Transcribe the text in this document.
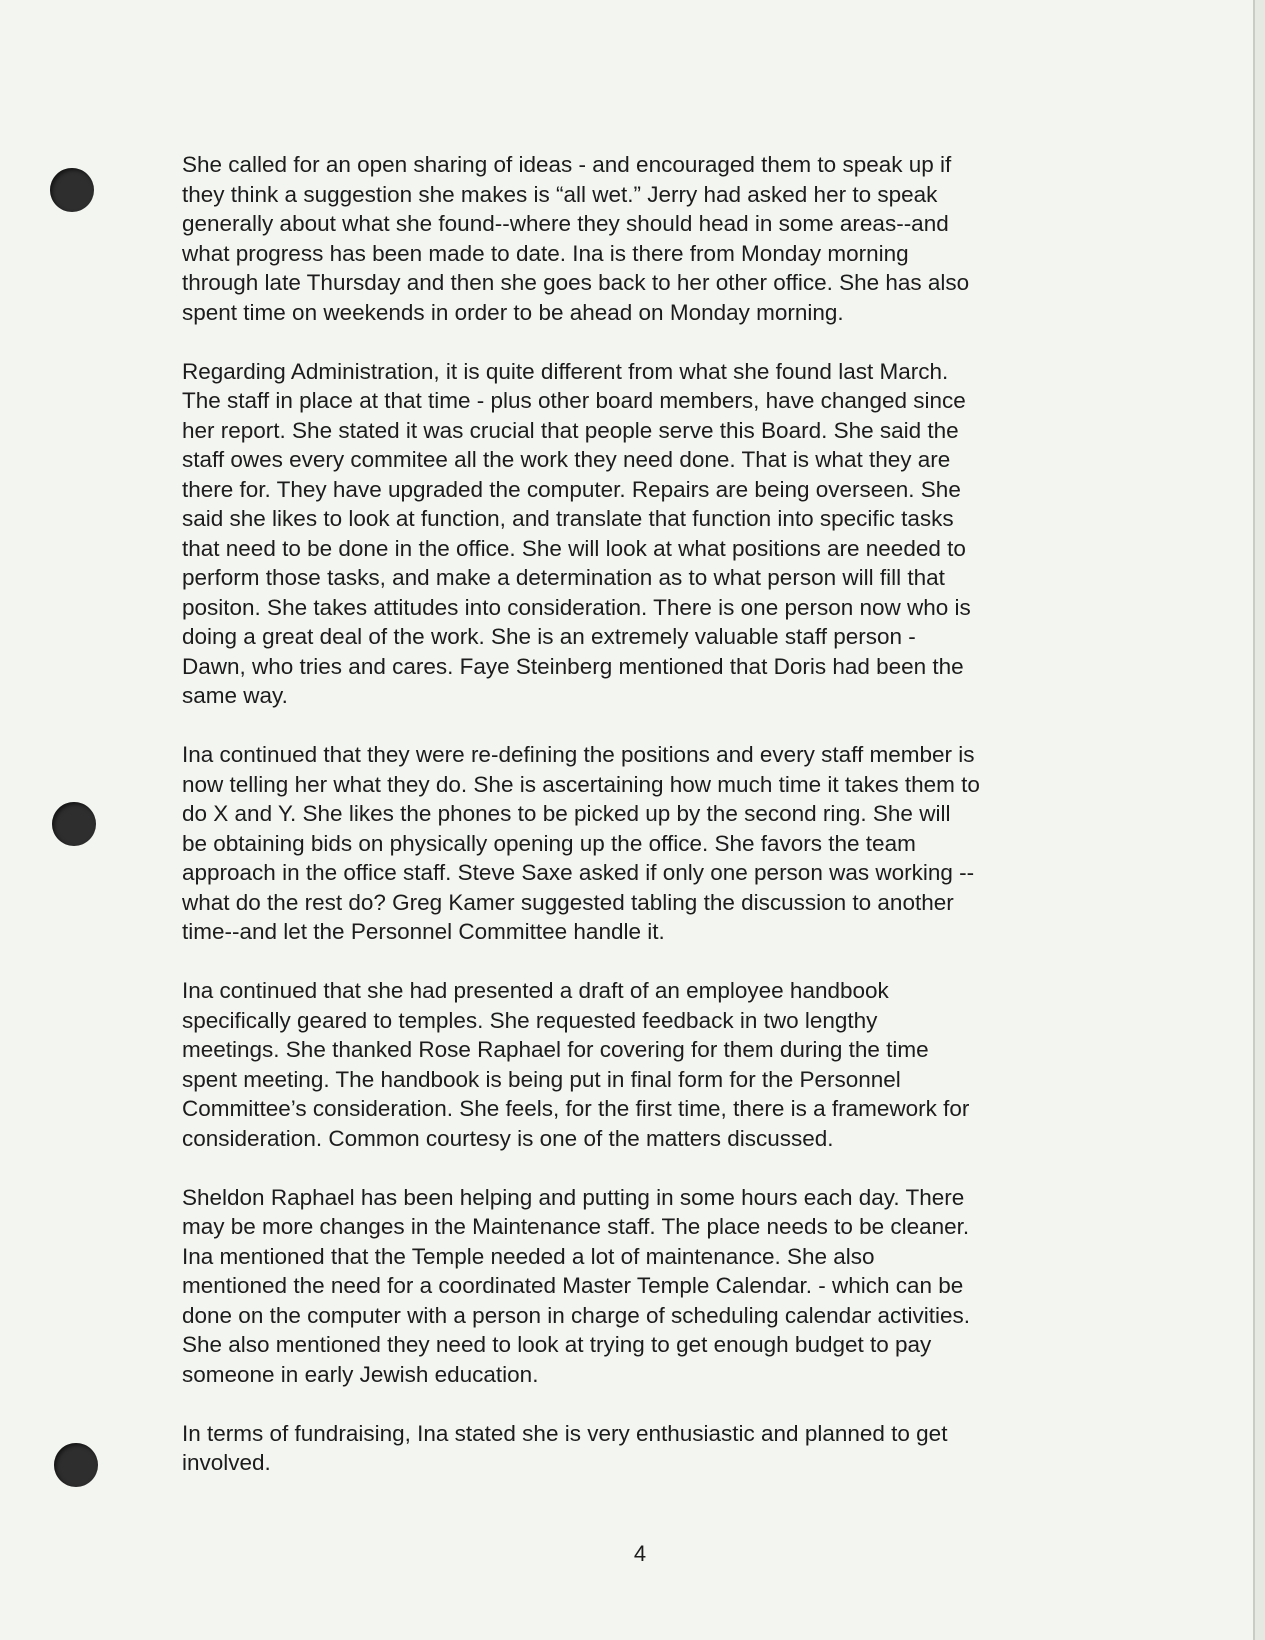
She called for an open sharing of ideas - and encouraged them to speak up if
they think a suggestion she makes is “all wet.” Jerry had asked her to speak
generally about what she found--where they should head in some areas--and
what progress has been made to date. Ina is there from Monday morning
through late Thursday and then she goes back to her other office. She has also
spent time on weekends in order to be ahead on Monday morning.

Regarding Administration, it is quite different from what she found last March.
The staff in place at that time - plus other board members, have changed since
her report. She stated it was crucial that people serve this Board. She said the
staff owes every commitee all the work they need done. That is what they are
there for. They have upgraded the computer. Repairs are being overseen. She
said she likes to look at function, and translate that function into specific tasks
that need to be done in the office. She will look at what positions are needed to
perform those tasks, and make a determination as to what person will fill that
positon. She takes attitudes into consideration. There is one person now who is
doing a great deal of the work. She is an extremely valuable staff person -
Dawn, who tries and cares. Faye Steinberg mentioned that Doris had been the
same way.

Ina continued that they were re-defining the positions and every staff member is
now telling her what they do. She is ascertaining how much time it takes them to
do X and Y. She likes the phones to be picked up by the second ring. She will
be obtaining bids on physically opening up the office. She favors the team
approach in the office staff. Steve Saxe asked if only one person was working --
what do the rest do? Greg Kamer suggested tabling the discussion to another
time--and let the Personnel Committee handle it.

Ina continued that she had presented a draft of an employee handbook
specifically geared to temples. She requested feedback in two lengthy
meetings. She thanked Rose Raphael for covering for them during the time
spent meeting. The handbook is being put in final form for the Personnel
Committee’s consideration. She feels, for the first time, there is a framework for
consideration. Common courtesy is one of the matters discussed.

Sheldon Raphael has been helping and putting in some hours each day. There
may be more changes in the Maintenance staff. The place needs to be cleaner.
Ina mentioned that the Temple needed a lot of maintenance. She also
mentioned the need for a coordinated Master Temple Calendar. - which can be
done on the computer with a person in charge of scheduling calendar activities.
She also mentioned they need to look at trying to get enough budget to pay
someone in early Jewish education.

In terms of fundraising, Ina stated she is very enthusiastic and planned to get
involved.

4
